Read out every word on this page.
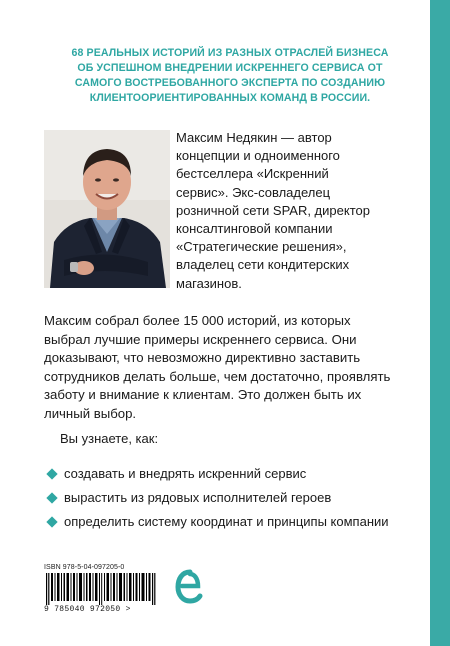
68 РЕАЛЬНЫХ ИСТОРИЙ ИЗ РАЗНЫХ ОТРАСЛЕЙ БИЗНЕСА
ОБ УСПЕШНОМ ВНЕДРЕНИИ ИСКРЕННЕГО СЕРВИСА ОТ
САМОГО ВОСТРЕБОВАННОГО ЭКСПЕРТА ПО СОЗДАНИЮ
КЛИЕНТООРИЕНТИРОВАННЫХ КОМАНД В РОССИИ.
Максим Недякин — автор
концепции и одноименного
бестселлера «Искренний
сервис». Экс-совладелец
розничной сети SPAR, директор
консалтинговой компании
«Стратегические решения»,
владелец сети кондитерских
магазинов.
Максим собрал более 15 000 историй, из которых
выбрал лучшие примеры искреннего сервиса. Они
доказывают, что невозможно директивно заставить
сотрудников делать больше, чем достаточно, проявлять
заботу и внимание к клиентам. Это должен быть их
личный выбор.
Вы узнаете, как:
создавать и внедрять искренний сервис
вырастить из рядовых исполнителей героев
определить систему координат и принципы компании
ISBN 978-5-04-097205-0
9 785040 972050 >
